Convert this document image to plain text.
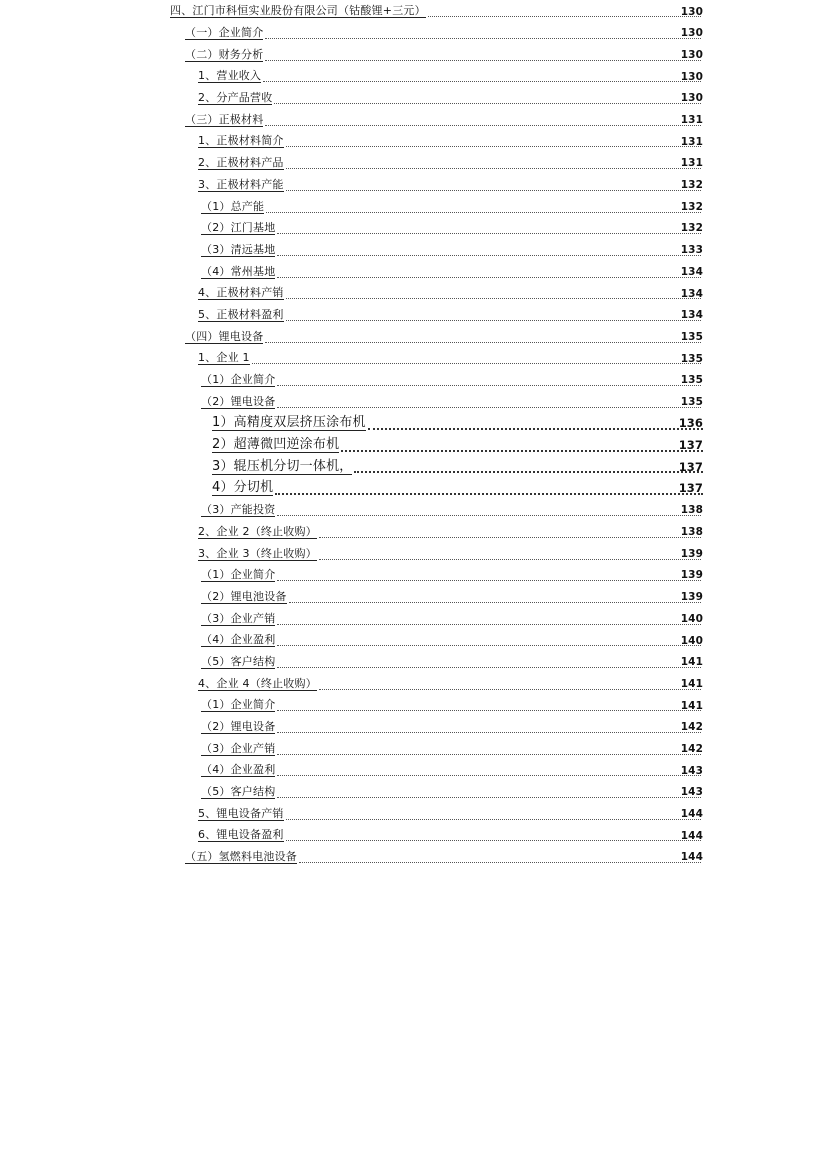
四、江门市科恒实业股份有限公司（钴酸锂+三元）	130
（一）企业简介	130
（二）财务分析	130
1、营业收入	130
2、分产品营收	130
（三）正极材料	131
1、正极材料简介	131
2、正极材料产品	131
3、正极材料产能	132
（1）总产能	132
（2）江门基地	132
（3）清远基地	133
（4）常州基地	134
4、正极材料产销	134
5、正极材料盈利	134
（四）锂电设备	135
1、企业 1	135
（1）企业简介	135
（2）锂电设备	135
1）高精度双层挤压涂布机	136
2）超薄微凹逆涂布机	137
3）辊压机分切一体机，	137
4）分切机	137
（3）产能投资	138
2、企业 2（终止收购）	138
3、企业 3（终止收购）	139
（1）企业简介	139
（2）锂电池设备	139
（3）企业产销	140
（4）企业盈利	140
（5）客户结构	141
4、企业 4（终止收购）	141
（1）企业简介	141
（2）锂电设备	142
（3）企业产销	142
（4）企业盈利	143
（5）客户结构	143
5、锂电设备产销	144
6、锂电设备盈利	144
（五）氢燃料电池设备	144
